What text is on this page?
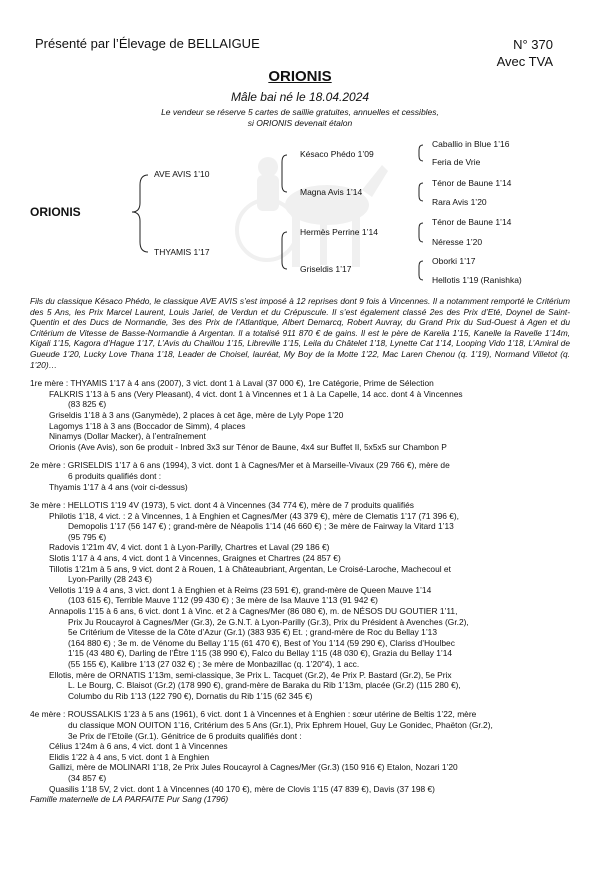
Présenté par l’Élevage de BELLAIGUE	N° 370
Avec TVA
ORIONIS
Mâle bai né le 18.04.2024
Le vendeur se réserve 5 cartes de saillie gratuites, annuelles et cessibles,
si ORIONIS devenait étalon
ORIONIS
AVE AVIS 1’10
THYAMIS 1’17
Késaco Phédo 1’09
Magna Avis 1’14
Hermès Perrine 1’14
Griseldis 1’17
Caballio in Blue 1’16
Feria de Vrie
Ténor de Baune 1’14
Rara Avis 1’20
Ténor de Baune 1’14
Néresse 1’20
Oborki 1’17
Hellotis 1’19 (Ranishka)

Fils du classique Késaco Phédo, le classique AVE AVIS s’est imposé à 12 reprises dont 9 fois à Vincennes. Il a notamment remporté le Critérium des 5 Ans, les Prix Marcel Laurent, Louis Jariel, de Verdun et du Crépuscule. Il s’est également classé 2es des Prix d’Eté, Doynel de Saint-Quentin et des Ducs de Normandie, 3es des Prix de l’Atlantique, Albert Demarcq, Robert Auvray, du Grand Prix du Sud-Ouest à Agen et du Critérium de Vitesse de Basse-Normandie à Argentan. Il a totalisé 911 870 € de gains. Il est le père de Karelia 1’15, Kanelle la Ravelle 1’14m, Kigali 1’15, Kagora d’Hague 1’17, L’Avis du Chaillou 1’15, Libreville 1’15, Leila du Châtelet 1’18, Lynette Cat 1’14, Looping Vido 1’18, L’Amiral de Gueude 1’20, Lucky Love Thana 1’18, Leader de Choisel, lauréat, My Boy de la Motte 1’22, Mac Laren Chenou (q. 1’19), Normand Villetot (q. 1’20)…

1re mère : THYAMIS 1’17 à 4 ans (2007), 3 vict. dont 1 à Laval (37 000 €), 1re Catégorie, Prime de Sélection

FALKRIS 1’13 à 5 ans (Very Pleasant), 4 vict. dont 1 à Vincennes et 1 à La Capelle, 14 acc. dont 4 à Vincennes

(83 825 €)

Griseldis 1’18 à 3 ans (Ganymède), 2 places à cet âge, mère de Lyly Pope 1’20

Lagomys 1’18 à 3 ans (Boccador de Simm), 4 places

Ninamys (Dollar Macker), à l’entraînement

Orionis (Ave Avis), son 6e produit - Inbred 3x3 sur Ténor de Baune, 4x4 sur Buffet II, 5x5x5 sur Chambon P

2e mère : GRISELDIS 1’17 à 6 ans (1994), 3 vict. dont 1 à Cagnes/Mer et à Marseille-Vivaux (29 766 €), mère de

6 produits qualifiés dont :

Thyamis 1’17 à 4 ans (voir ci-dessus)

3e mère : HELLOTIS 1’19 4V (1973), 5 vict. dont 4 à Vincennes (34 774 €), mère de 7 produits qualifiés

Philotis 1’18, 4 vict. : 2 à Vincennes, 1 à Enghien et Cagnes/Mer (43 379 €), mère de Clematis 1’17 (71 396 €),

Demopolis 1’17 (56 147 €) ; grand-mère de Néapolis 1’14 (46 660 €) ; 3e mère de Fairway la Vitard 1’13

(95 795 €)

Radovis 1’21m 4V, 4 vict. dont 1 à Lyon-Parilly, Chartres et Laval (29 186 €)

Slotis 1’17 à 4 ans, 4 vict. dont 1 à Vincennes, Graignes et Chartres (24 857 €)

Tillotis 1’21m à 5 ans, 9 vict. dont 2 à Rouen, 1 à Châteaubriant, Argentan, Le Croisé-Laroche, Machecoul et

Lyon-Parilly (28 243 €)

Vellotis 1’19 à 4 ans, 3 vict. dont 1 à Enghien et à Reims (23 591 €), grand-mère de Queen Mauve 1’14

(103 615 €), Terrible Mauve 1’12 (99 430 €) ; 3e mère de Isa Mauve 1’13 (91 942 €)

Annapolis 1’15 à 6 ans, 6 vict. dont 1 à Vinc. et 2 à Cagnes/Mer (86 080 €), m. de NÉSOS DU GOUTIER 1’11,

Prix Ju Roucayrol à Cagnes/Mer (Gr.3), 2e G.N.T. à Lyon-Parilly (Gr.3), Prix du Président à Avenches (Gr.2),

5e Critérium de Vitesse de la Côte d’Azur (Gr.1) (383 935 €) Et. ; grand-mère de Roc du Bellay 1’13

(164 880 €) ; 3e m. de Vénome du Bellay 1’15 (61 470 €), Best of You 1’14 (59 290 €), Clariss d’Houlbec

1’15 (43 480 €), Darling de l’Être 1’15 (38 990 €), Falco du Bellay 1’15 (48 030 €), Grazia du Bellay 1’14

(55 155 €), Kalibre 1’13 (27 032 €) ; 3e mère de Monbazillac (q. 1’20"4), 1 acc.

Ellotis, mère de ORNATIS 1’13m, semi-classique, 3e Prix L. Tacquet (Gr.2), 4e Prix P. Bastard (Gr.2), 5e Prix

L. Le Bourg, C. Blaisot (Gr.2) (178 990 €), grand-mère de Baraka du Rib 1’13m, placée (Gr.2) (115 280 €),

Columbo du Rib 1’13 (122 790 €), Dornatis du Rib 1’15 (62 345 €)

4e mère : ROUSSALKIS 1’23 à 5 ans (1961), 6 vict. dont 1 à Vincennes et à Enghien : sœur utérine de Beltis 1’22, mère

du classique MON OUITON 1’16, Critérium des 5 Ans (Gr.1), Prix Ephrem Houel, Guy Le Gonidec, Phaëton (Gr.2),

3e Prix de l’Etoile (Gr.1). Génitrice de 6 produits qualifiés dont :

Célius 1’24m à 6 ans, 4 vict. dont 1 à Vincennes

Elidis 1’22 à 4 ans, 5 vict. dont 1 à Enghien

Gallizi, mère de MOLINARI 1’18, 2e Prix Jules Roucayrol à Cagnes/Mer (Gr.3) (150 916 €) Etalon, Nozari 1’20

(34 857 €)

Quasilis 1’18 5V, 2 vict. dont 1 à Vincennes (40 170 €), mère de Clovis 1’15 (47 839 €), Davis (37 198 €)

Famille maternelle de LA PARFAITE Pur Sang (1796)
